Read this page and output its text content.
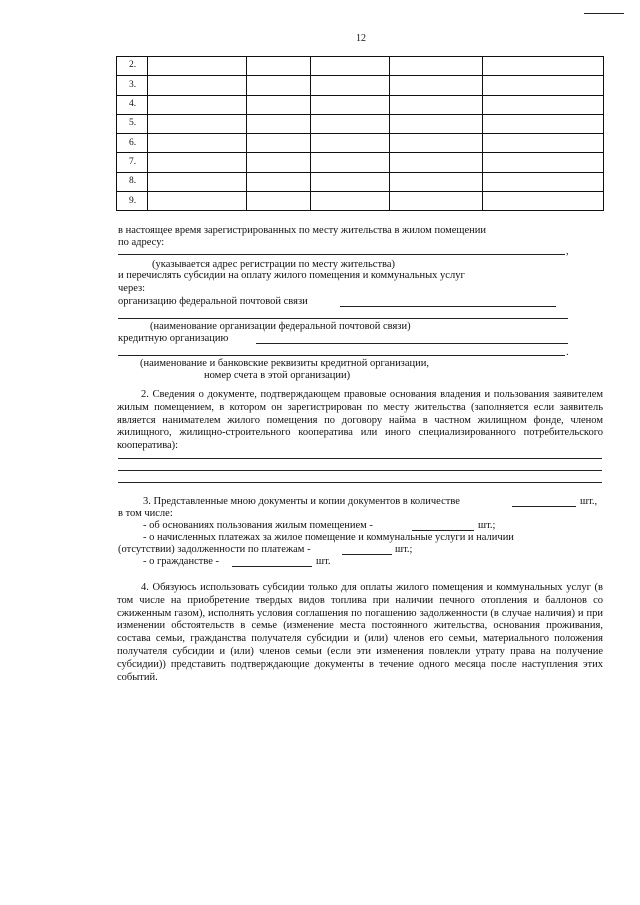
12
2.					
3.					
4.					
5.					
6.					
7.					
8.					
9.					
в настоящее время зарегистрированных по месту жительства в жилом помещении
по адресу:
,
(указывается адрес регистрации по месту жительства)
и перечислять субсидии на оплату жилого помещения и коммунальных услуг
через:
организацию федеральной почтовой связи
(наименование организации федеральной почтовой связи)
кредитную организацию
.
(наименование и банковские реквизиты кредитной организации,
номер счета в этой организации)

2. Сведения о документе, подтверждающем правовые основания владения и пользования заявителем жилым помещением, в котором он зарегистрирован по месту жительства (заполняется если заявитель является нанимателем жилого помещения по договору найма в частном жилищном фонде, членом жилищного, жилищно-строительного кооператива или иного специализированного потребительского кооператива):

3. Представленные мною документы и копии документов в количестве	шт.,
в том числе:
- об основаниях пользования жилым помещением -	шт.;
- о начисленных платежах за жилое помещение и коммунальные услуги и наличии
(отсутствии) задолженности по платежам -	шт.;
- о гражданстве -	шт.

4. Обязуюсь использовать субсидии только для оплаты жилого помещения и коммунальных услуг (в том числе на приобретение твердых видов топлива при наличии печного отопления и баллонов со сжиженным газом), исполнять условия соглашения по погашению задолженности (в случае наличия) и при изменении обстоятельств в семье (изменение места постоянного жительства, основания проживания, состава семьи, гражданства получателя субсидии и (или) членов его семьи, материального положения получателя субсидии и (или) членов семьи (если эти изменения повлекли утрату права на получение субсидии)) представить подтверждающие документы в течение одного месяца после наступления этих событий.
